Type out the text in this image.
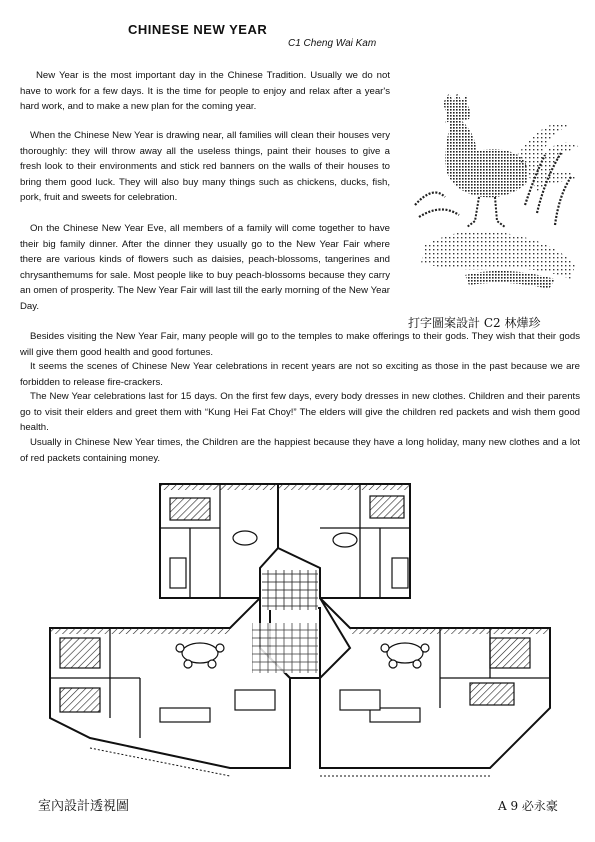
CHINESE NEW YEAR
C1 Cheng Wai Kam

New Year is the most important day in the Chinese Tradition. Usually we do not have to work for a few days. It is the time for people to enjoy and relax after a year's hard work, and to make a new plan for the coming year.

When the Chinese New Year is drawing near, all families will clean their houses very thoroughly: they will throw away all the useless things, paint their houses to give a fresh look to their environments and stick red banners on the walls of their houses to bring them good luck. They will also buy many things such as chickens, ducks, fish, pork, fruit and sweets for celebration.

On the Chinese New Year Eve, all members of a family will come together to have their big family dinner. After the dinner they usually go to the New Year Fair where there are various kinds of flowers such as daisies, peach-blossoms, tangerines and chrysanthemums for sale. Most people like to buy peach-blossoms because they carry an omen of prosperity. The New Year Fair will last till the early morning of the New Year Day.

Besides visiting the New Year Fair, many people will go to the temples to make offerings to their gods. They wish that their gods will give them good health and good fortunes.

It seems the scenes of Chinese New Year celebrations in recent years are not so exciting as those in the past because we are forbidden to release fire-crackers.

The New Year celebrations last for 15 days. On the first few days, every body dresses in new clothes. Children and their parents go to visit their elders and greet them with “Kung Hei Fat Choy!” The elders will give the children red packets and wish them good health.

Usually in Chinese New Year times, the Children are the happiest because they have a long holiday, many new clothes and a lot of red packets containing money.

打字圖案設計 C2 林燁珍
室內設計透視圖	A 9 必永豪
